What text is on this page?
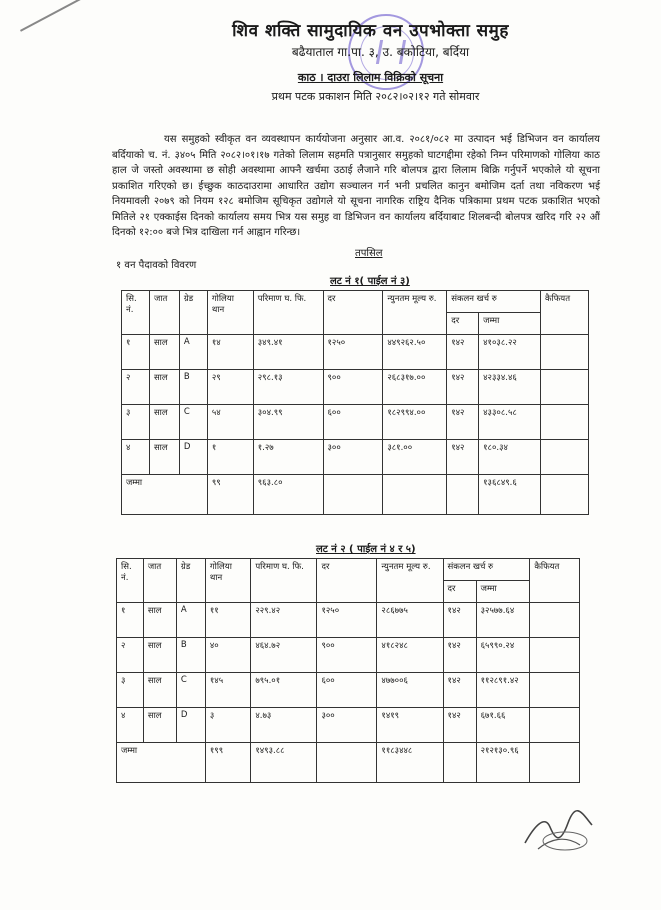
शिव शक्ति सामुदायिक वन उपभोक्ता समुह
बढैयाताल गा.पा. ३, उ. बकोटिया, बर्दिया
काठ । दाउरा लिलाम विक्रिको सूचना
प्रथम पटक प्रकाशन मिति २०८२।०२।१२ गते सोमवार
यस समुहको स्वीकृत वन व्यवस्थापन कार्ययोजना अनुसार आ.व. २०८१/०८२ मा उत्पादन भई डिभिजन वन कार्यालय बर्दियाको च. नं. ३४०५ मिति २०८२।०१।१७ गतेको लिलाम सहमति पत्रानुसार समुहको घाटगद्दीमा रहेको निम्न परिमाणको गोलिया काठ हाल जे जस्तो अवस्थामा छ सोही अवस्थामा आफ्नै खर्चमा उठाई लैजाने गरि बोलपत्र द्वारा लिलाम बिक्रि गर्नुपर्ने भएकोले यो सूचना प्रकाशित गरिएको छ। ईच्छुक काठदाउरामा आधारित उद्योग सञ्चालन गर्न भनी प्रचलित कानुन बमोजिम दर्ता तथा नविकरण भई नियमावली २०७९ को नियम १२८ बमोजिम सूचिकृत उद्योगले यो सूचना नागरिक राष्ट्रिय दैनिक पत्रिकामा प्रथम पटक प्रकाशित भएको मितिले २१ एक्काईस दिनको कार्यालय समय भित्र यस समुह वा डिभिजन वन कार्यालय बर्दियाबाट शिलबन्दी बोलपत्र खरिद गरि २२ औं दिनको १२:०० बजे भित्र दाखिला गर्न आह्वान गरिन्छ।
तपसिल
१ वन पैदावको विवरण
लट नं १( पाईल नं ३)
सि. नं.	जात	ग्रेड	गोलिया थान	परिमाण घ. फि.	दर	न्युनतम मूल्य रु.	संकलन खर्च रु		कैफियत
							दर	जम्मा	
१	साल	A	१४	३४९.४१	१२५०	४४९२६२.५०	१४२	४१०३८.२२	
२	साल	B	२९	२९८.१३	९००	२६८३१७.००	१४२	४२३३४.४६	
३	साल	C	५४	३०४.९९	६००	१८२९९४.००	१४२	४३३०८.५८	
४	साल	D	१	१.२७	३००	३८१.००	१४२	१८०.३४	
जम्मा			९९	९६३.८०				१३६८४९.६	
लट नं २ ( पाईल नं ४ र ५)
सि. नं.	जात	ग्रेड	गोलिया थान	परिमाण घ. फि.	दर	न्युनतम मूल्य रु.	संकलन खर्च रु		कैफियत
							दर	जम्मा	
१	साल	A	११	२२९.४२	१२५०	२८६७७५	१४२	३२५७७.६४	
२	साल	B	४०	४६४.७२	९००	४१८२४८	१४२	६५९९०.२४	
३	साल	C	१४५	७९५.०१	६००	४७७००६	१४२	११२८९१.४२	
४	साल	D	३	४.७३	३००	१४१९	१४२	६७१.६६	
जम्मा			१९९	१४९३.८८		११८३४४८		२१२१३०.९६	
